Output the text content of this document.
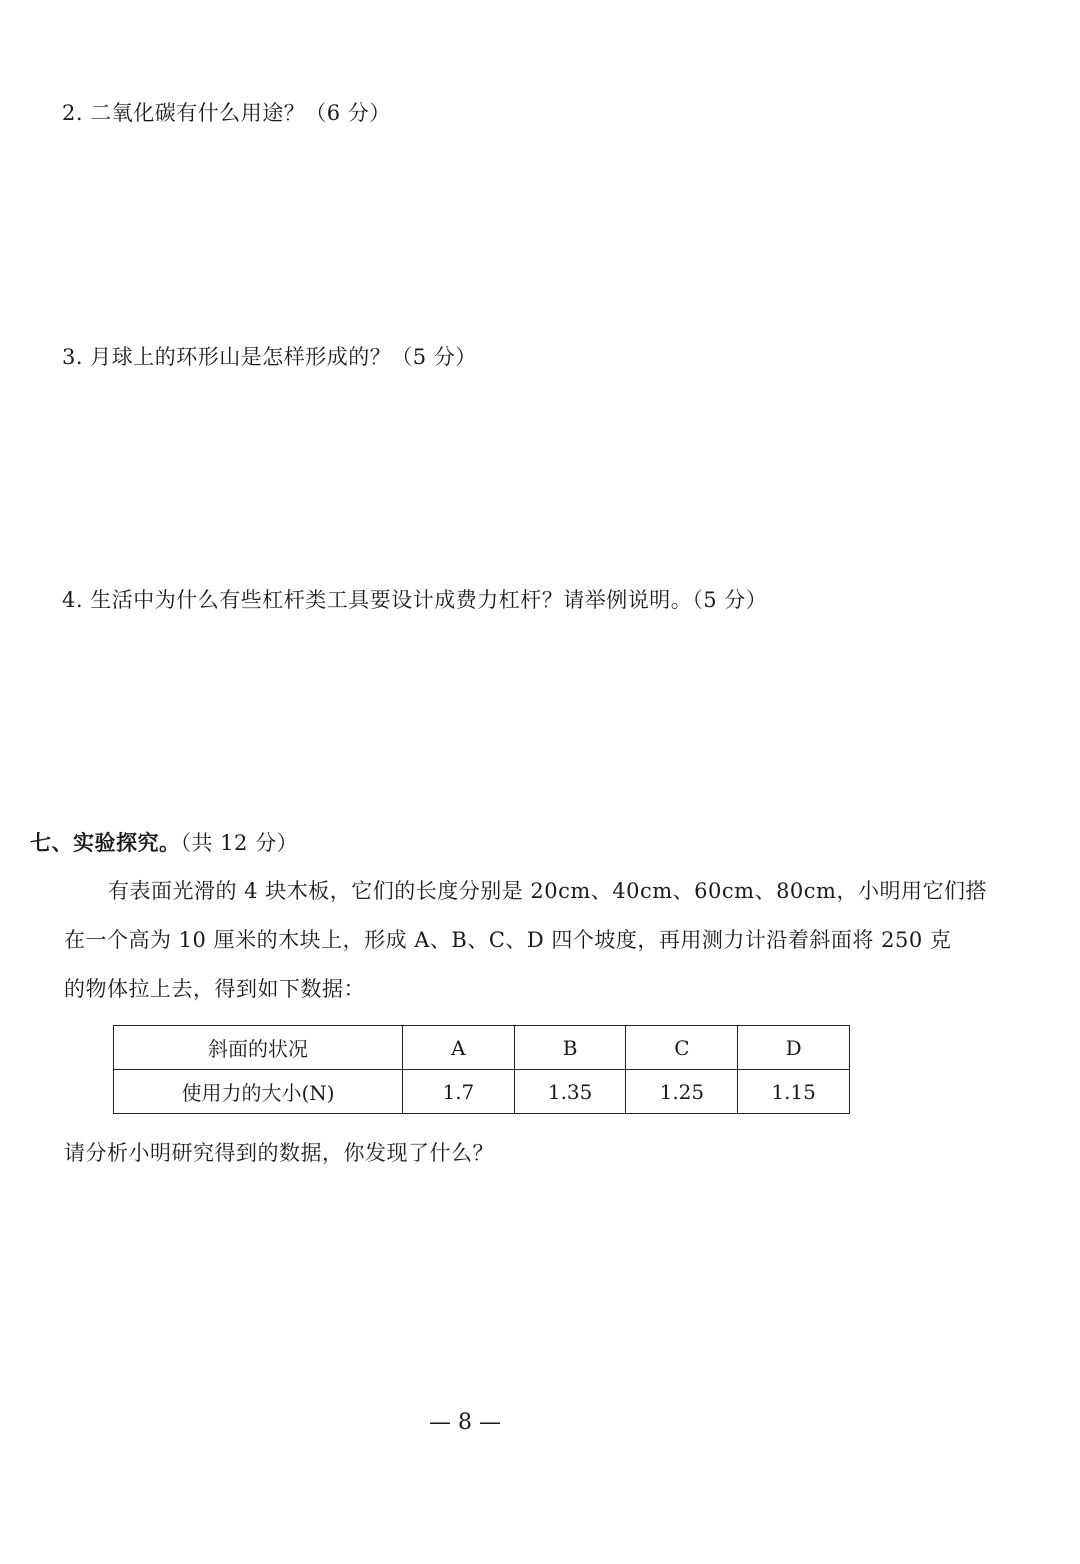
2. 二氧化碳有什么用途？（6 分）
3. 月球上的环形山是怎样形成的？（5 分）
4. 生活中为什么有些杠杆类工具要设计成费力杠杆？请举例说明。（5 分）
七、实验探究。（共 12 分）
有表面光滑的 4 块木板，它们的长度分别是 20cm、40cm、60cm、80cm，小明用它们搭
在一个高为 10 厘米的木块上，形成 A、B、C、D 四个坡度，再用测力计沿着斜面将 250 克
的物体拉上去，得到如下数据：
斜面的状况	A	B	C	D
使用力的大小(N)	1.7	1.35	1.25	1.15
请分析小明研究得到的数据，你发现了什么？
— 8 —
